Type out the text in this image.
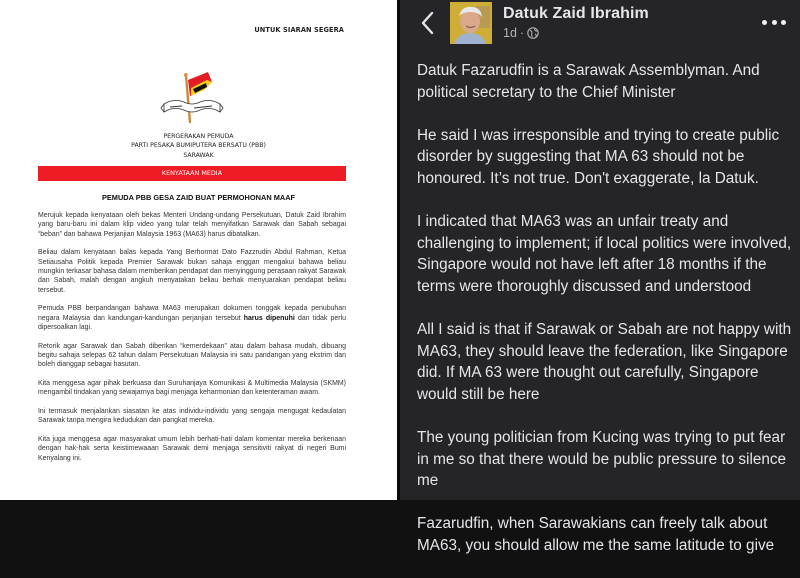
UNTUK SIARAN SEGERA
PERGERAKAN PEMUDA
PARTI PESAKA BUMIPUTERA BERSATU (PBB)
SARAWAK
KENYATAAN MEDIA
PEMUDA PBB GESA ZAID BUAT PERMOHONAN MAAF

Merujuk kepada kenyataan oleh bekas Menteri Undang-undang Persekutuan, Datuk Zaid Ibrahim yang baru-baru ini dalam klip video yang tular telah menyifatkan Sarawak dan Sabah sebagai “beban” dan bahawa Perjanjian Malaysia 1963 (MA63) harus dibatalkan.

Beliau dalam kenyataan balas kepada Yang Berhormat Dato Fazzrudin Abdul Rahman, Ketua Setiausaha Politik kepada Premier Sarawak bukan sahaja enggan mengakui bahawa beliau mungkin terkasar bahasa dalam memberikan pendapat dan menyinggung perasaan rakyat Sarawak dan Sabah, malah dengan angkuh menyatakan beliau berhak menyuarakan pendapat beliau tersebut.

Pemuda PBB berpandangan bahawa MA63 merupakan dokumen tonggak kepada penubuhan negara Malaysia dan kandungan-kandungan perjanjian tersebut harus dipenuhi dan tidak perlu dipersoalkan lagi.

Retorik agar Sarawak dan Sabah diberikan “kemerdekaan” atau dalam bahasa mudah, dibuang begitu sahaja selepas 62 tahun dalam Persekutuan Malaysia ini satu pandangan yang ekstrim dan boleh dianggap sebagai hasutan.

Kita menggesa agar pihak berkuasa dan Suruhanjaya Komunikasi & Multimedia Malaysia (SKMM) mengambil tindakan yang sewajarnya bagi menjaga keharmonian dan ketenteraman awam.

Ini termasuk menjalankan siasatan ke atas individu-individu yang sengaja mengugat kedaulatan Sarawak tanpa mengira kedudukan dan pangkat mereka.

Kita juga menggesa agar masyarakat umum lebih berhati-hati dalam komentar mereka berkenaan dengan hak-hak serta keistimewaaan Sarawak demi menjaga sensitiviti rakyat di negeri Bumi Kenyalang ini.

Datuk Zaid Ibrahim
1d ·

Datuk Fazarudfin is a Sarawak Assemblyman. And political secretary to the Chief Minister

He said I was irresponsible and trying to create public disorder by suggesting that MA 63 should not be honoured. It’s not true. Don't exaggerate, la Datuk.

I indicated that MA63 was an unfair treaty and challenging to implement; if local politics were involved, Singapore would not have left after 18 months if the terms were thoroughly discussed and understood

All I said is that if Sarawak or Sabah are not happy with MA63, they should leave the federation, like Singapore did. If MA 63 were thought out carefully, Singapore would still be here

The young politician from Kucing was trying to put fear in me so that there would be public pressure to silence me

Fazarudfin, when Sarawakians can freely talk about MA63, you should allow me the same latitude to give
